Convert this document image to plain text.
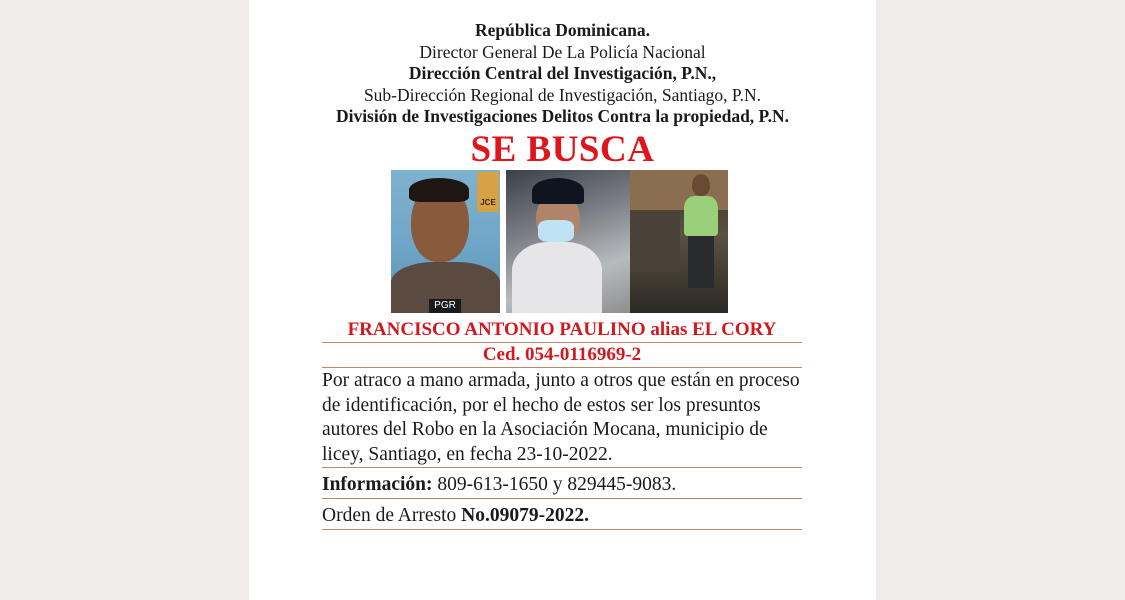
República Dominicana.
Director General De La Policía Nacional
Dirección Central del Investigación, P.N.,
Sub-Dirección Regional de Investigación, Santiago, P.N.
División de Investigaciones Delitos Contra la propiedad, P.N.
SE BUSCA
JCE
PGR
FRANCISCO ANTONIO PAULINO alias EL CORY
Ced. 054-0116969-2
Por atraco a mano armada, junto a otros que están en proceso de identificación, por el hecho de estos ser los presuntos autores del Robo en la Asociación Mocana, municipio de licey, Santiago, en fecha 23-10-2022.
Información: 809-613-1650 y 829445-9083.
Orden de Arresto No.09079-2022.
